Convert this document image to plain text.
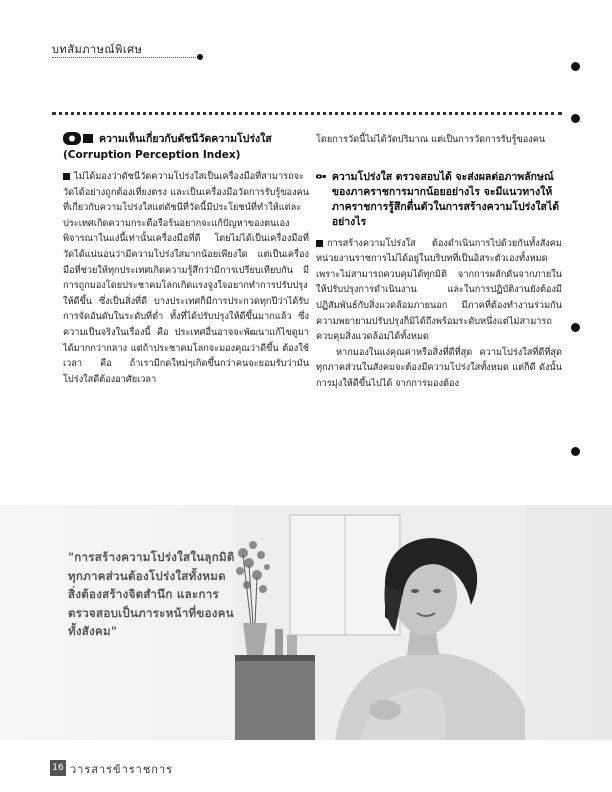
บทสัมภาษณ์พิเศษ
ความเห็นเกี่ยวกับดัชนีวัดความโปร่งใส
(Corruption Perception Index)

ไม่ได้มองว่าดัชนีวัดความโปร่งใสเป็นเครื่องมือที่สามารถจะวัดได้อย่างถูกต้องเที่ยงตรง และเป็นเครื่องมือวัดการรับรู้ของคนที่เกี่ยวกับความโปร่งใสแต่ดัชนีที่วัดนี้มีประโยชน์ที่ทำให้แต่ละประเทศเกิดความกระตือรือร้นอยากจะแก้ปัญหาของตนเอง พิจารณาในแง่นี้เท่านั้นเครื่องมือที่ดี โดยไม่ได้เป็นเครื่องมือที่วัดได้แน่นอนว่ามีความโปร่งใสมากน้อยเพียงใด แต่เป็นเครื่องมือที่ช่วยให้ทุกประเทศเกิดความรู้สึกว่ามีการเปรียบเทียบกัน มีการถูกมองโดยประชาคมโลกเกิดแรงจูงใจอยากทำการปรับปรุงให้ดีขึ้น ซึ่งเป็นสิ่งที่ดี บางประเทศก็มีการประกวดทุกปีว่าได้รับการจัดอันดับในระดับที่ต่ำ ทั้งที่ได้ปรับปรุงให้ดีขึ้นมากแล้ว ซึ่งความเป็นจริงในเรื่องนี้ คือ ประเทศอื่นอาจจะพัฒนาแก้ไขดูมาได้มากกว่ากลาง แต่ถ้าประชาคมโลกจะมองคุณว่าดีขึ้น ต้องใช้เวลา คือ ถ้าเรามีกดใหม่ๆเกิดขึ้นกว่าคนจะยอมรับว่ามันโปร่งใสดีต้องอาศัยเวลา

โดยการวัดนี้ไม่ได้วัดปริมาณ แต่เป็นการวัดการรับรู้ของคน
ความโปร่งใส ตรวจสอบได้ จะส่งผลต่อภาพลักษณ์ของภาคราชการมากน้อยอย่างไร จะมีแนวทางให้ภาคราชการรู้สึกตื่นตัวในการสร้างความโปร่งใสได้อย่างไร

การสร้างความโปร่งใส ต้องดำเนินการไปด้วยกันทั้งสังคม หน่วยงานราชการไม่ได้อยู่ในบริบทที่เป็นอิสระตัวเองทั้งหมด เพราะไม่สามารถควบคุมได้ทุกมิติ จากการผลักดันจากภายในให้ปรับปรุงการดำเนินงาน และในการปฏิบัติงานยังต้องมีปฏิสัมพันธ์กับสิ่งแวดล้อมภายนอก มีภาคที่ต้องทำงานร่วมกัน ความพยายามปรับปรุงก็มิได้ถึงพร้อมระดับหนึ่งแต่ไม่สามารถควบคุมสิ่งแวดล้อมได้ทั้งหมด

หากมองในแง่คุณค่าหรือสิ่งที่ดีที่สุด ความโปร่งใสที่ดีที่สุดทุกภาคส่วนในสังคมจะต้องมีความโปร่งใสทั้งหมด แต่ก็ดี ดังนั้นการมุ่งให้ดีขึ้นไปได้ จากการมองต้อง
"การสร้างความโปร่งใสในลุกมิติ ทุกภาคส่วนต้องโปร่งใสทั้งหมด สิ่งต้องสร้างจิตสำนึก และการตรวจสอบเป็นภาระหน้าที่ของคนทั้งสังคม"
16 วารสารข้าราชการ
